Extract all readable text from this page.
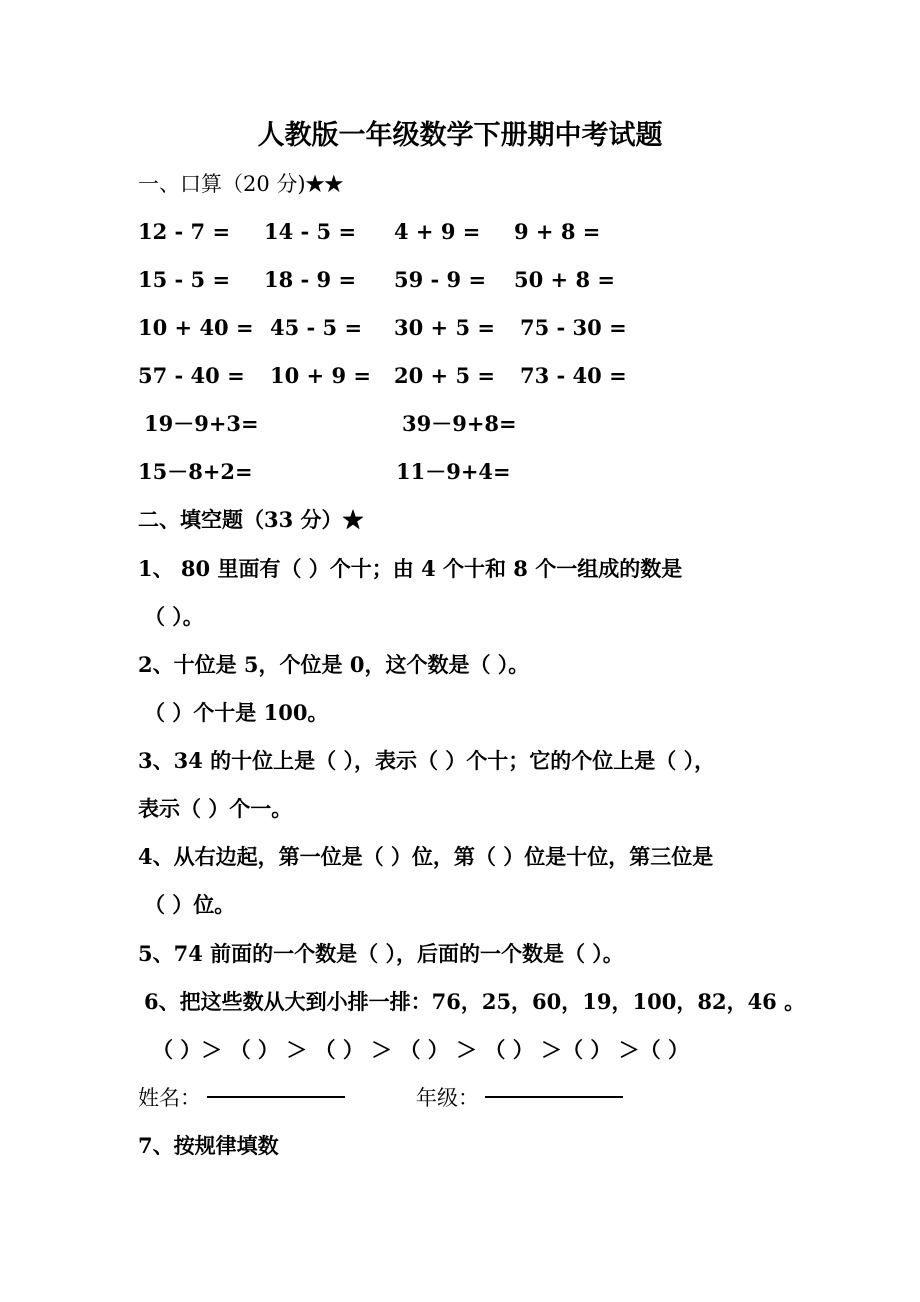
人教版一年级数学下册期中考试题
一、口算（20 分)★★
12 - 7 = 14 - 5 = 4 + 9 = 9 + 8 =
15 - 5 = 18 - 9 = 59 - 9 = 50 + 8 =
10 + 40 = 45 - 5 = 30 + 5 = 75 - 30 =
57 - 40 = 10 + 9 = 20 + 5 = 73 - 40 =
19－9+3=	39－9+8=
15－8+2=	11－9+4=
二、填空题（33 分）★
1、 80 里面有（ ）个十；由 4 个十和 8 个一组成的数是
（ ）。
2、十位是 5，个位是 0，这个数是（ ）。
（ ）个十是 100。
3、34 的十位上是（ ），表示（ ）个十；它的个位上是（ ），
表示（ ）个一。
4、从右边起，第一位是（ ）位，第（ ）位是十位，第三位是
（ ）位。
5、74 前面的一个数是（ ），后面的一个数是（ ）。
6、把这些数从大到小排一排：76，25，60，19，100，82，46 。
（ ）＞ （ ） ＞ （ ） ＞ （ ） ＞ （ ） ＞（ ） ＞（ ）
姓名：	年级：
7、按规律填数
